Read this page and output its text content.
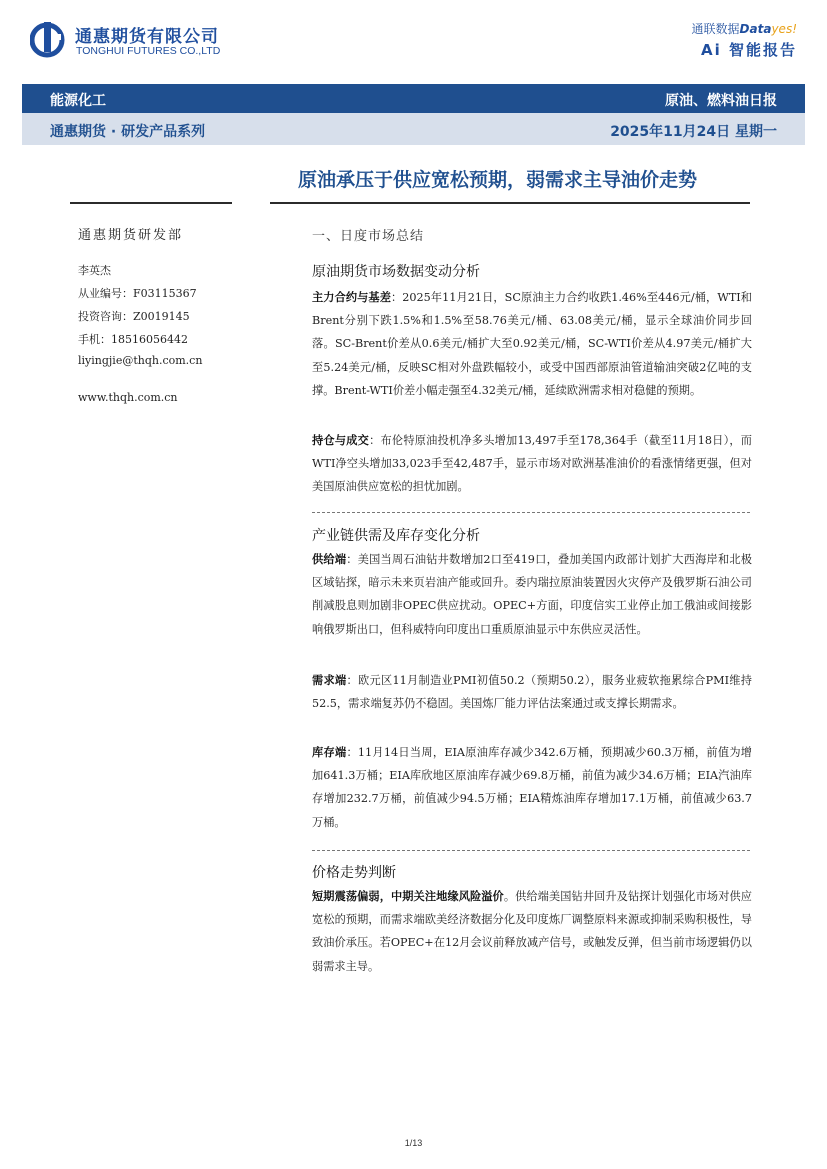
通惠期货有限公司
TONGHUI FUTURES CO.,LTD
通联数据Datayes!
Ai 智能报告
能源化工	原油、燃料油日报
通惠期货 · 研发产品系列	2025年11月24日 星期一
原油承压于供应宽松预期，弱需求主导油价走势
通惠期货研发部
李英杰
从业编号：F03115367
投资咨询：Z0019145
手机：18516056442
liyingjie@thqh.com.cn
www.thqh.com.cn
一、日度市场总结
原油期货市场数据变动分析

主力合约与基差：2025年11月21日，SC原油主力合约收跌1.46%至446元/桶，WTI和Brent分别下跌1.5%和1.5%至58.76美元/桶、63.08美元/桶，显示全球油价同步回落。SC-Brent价差从0.6美元/桶扩大至0.92美元/桶，SC-WTI价差从4.97美元/桶扩大至5.24美元/桶，反映SC相对外盘跌幅较小，或受中国西部原油管道输油突破2亿吨的支撑。Brent-WTI价差小幅走强至4.32美元/桶，延续欧洲需求相对稳健的预期。

持仓与成交：布伦特原油投机净多头增加13,497手至178,364手（截至11月18日），而WTI净空头增加33,023手至42,487手，显示市场对欧洲基准油价的看涨情绪更强，但对美国原油供应宽松的担忧加剧。

产业链供需及库存变化分析

供给端：美国当周石油钻井数增加2口至419口，叠加美国内政部计划扩大西海岸和北极区域钻探，暗示未来页岩油产能或回升。委内瑞拉原油装置因火灾停产及俄罗斯石油公司削减股息则加剧非OPEC供应扰动。OPEC+方面，印度信实工业停止加工俄油或间接影响俄罗斯出口，但科威特向印度出口重质原油显示中东供应灵活性。

需求端：欧元区11月制造业PMI初值50.2（预期50.2），服务业疲软拖累综合PMI维持52.5，需求端复苏仍不稳固。美国炼厂能力评估法案通过或支撑长期需求。

库存端：11月14日当周，EIA原油库存减少342.6万桶，预期减少60.3万桶，前值为增加641.3万桶；EIA库欣地区原油库存减少69.8万桶，前值为减少34.6万桶；EIA汽油库存增加232.7万桶，前值减少94.5万桶；EIA精炼油库存增加17.1万桶，前值减少63.7万桶。

价格走势判断

短期震荡偏弱，中期关注地缘风险溢价。供给端美国钻井回升及钻探计划强化市场对供应宽松的预期，而需求端欧美经济数据分化及印度炼厂调整原料来源或抑制采购积极性，导致油价承压。若OPEC+在12月会议前释放减产信号，或触发反弹，但当前市场逻辑仍以弱需求主导。

1/13
